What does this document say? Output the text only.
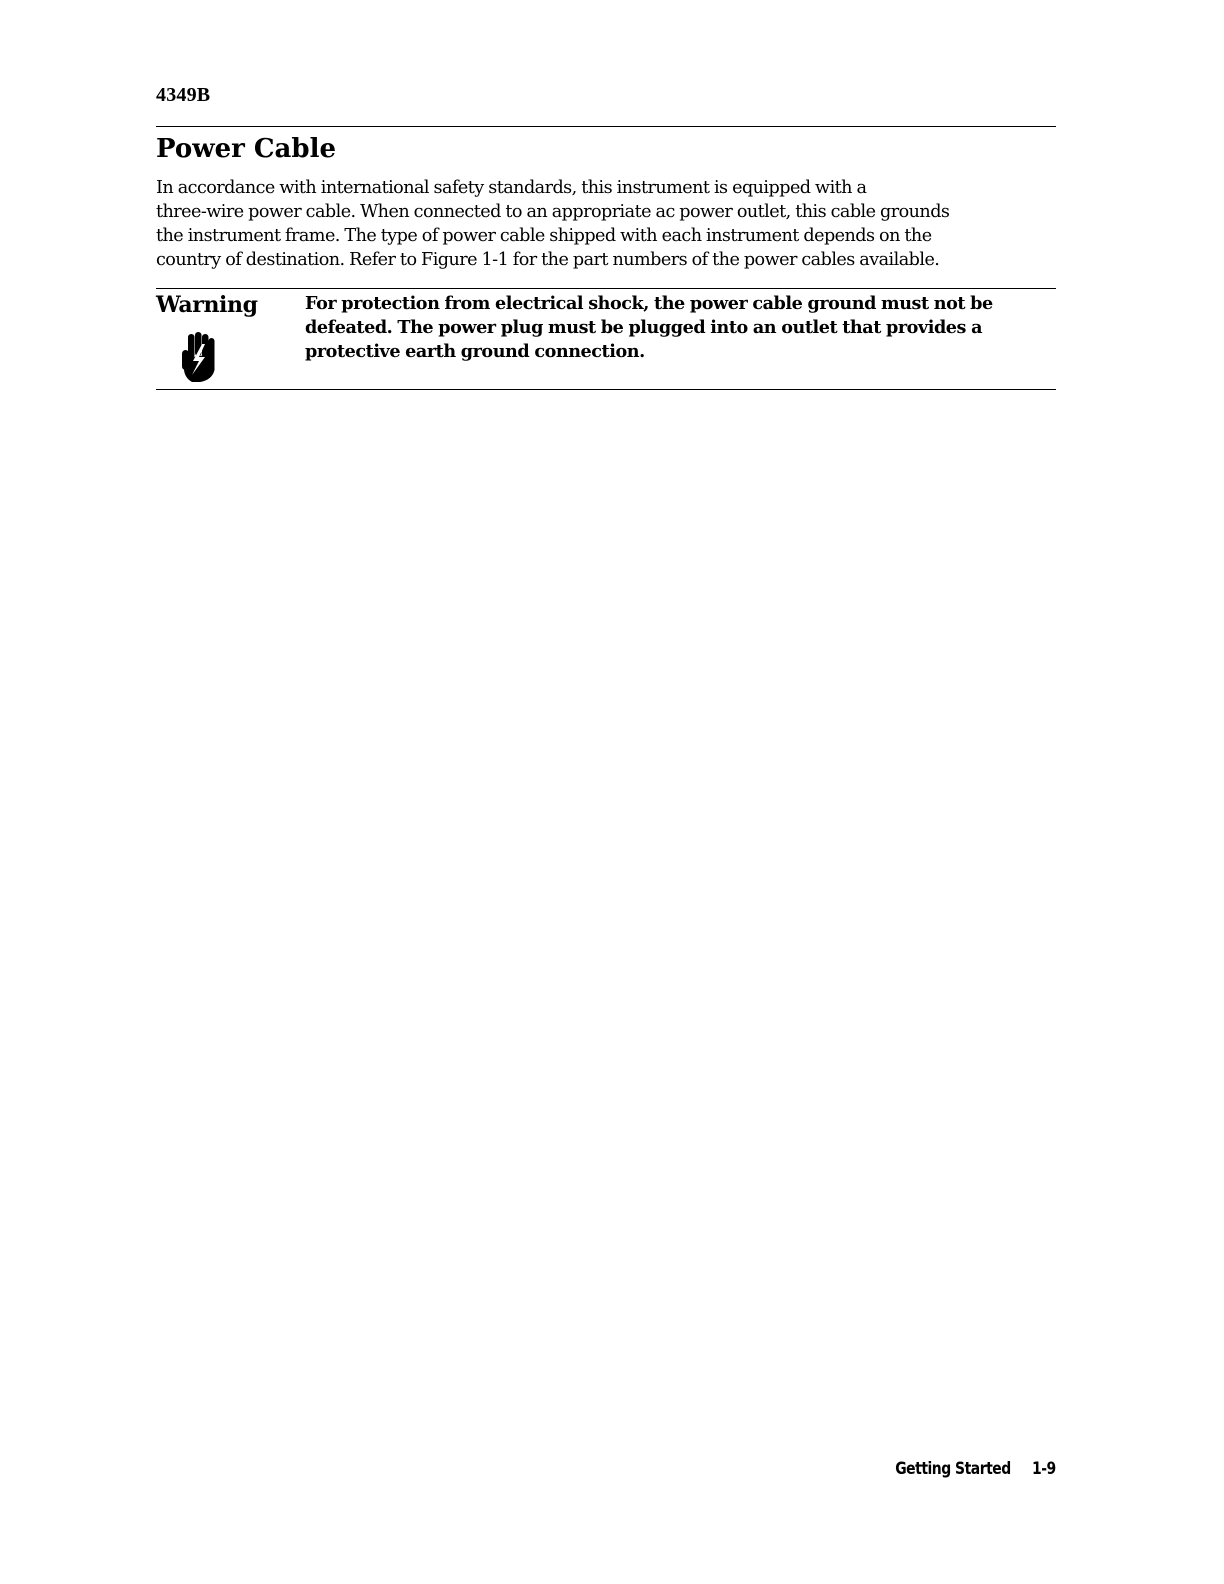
4349B
Power Cable

In accordance with international safety standards, this instrument is equipped with a
three-wire power cable. When connected to an appropriate ac power outlet, this cable grounds
the instrument frame. The type of power cable shipped with each instrument depends on the
country of destination. Refer to Figure 1-1 for the part numbers of the power cables available.

Warning	For protection from electrical shock, the power cable ground must not be
defeated. The power plug must be plugged into an outlet that provides a
protective earth ground connection.

Getting Started 1-9
